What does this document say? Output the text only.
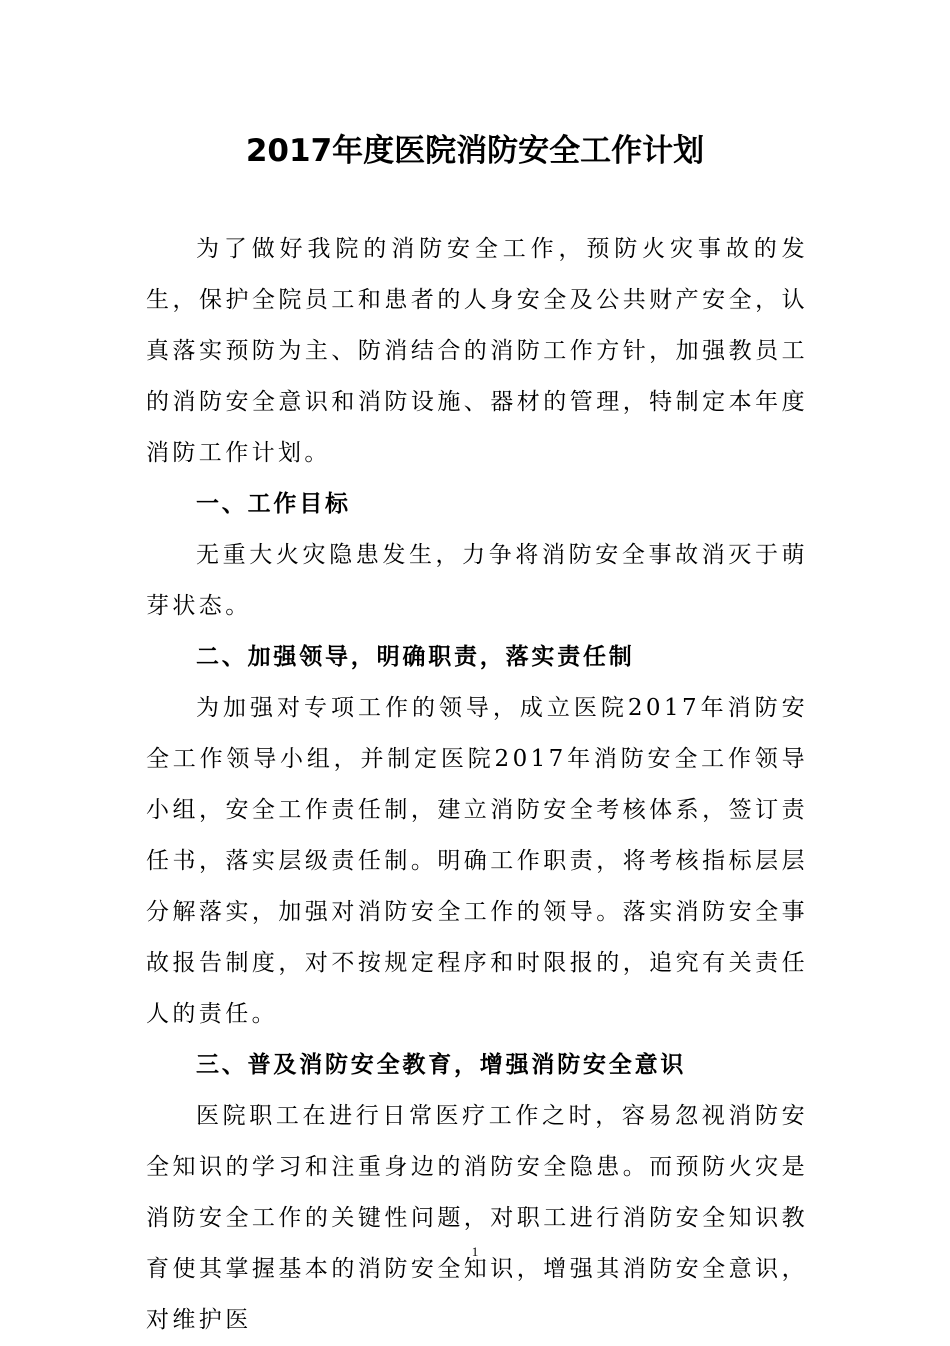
2017年度医院消防安全工作计划

为了做好我院的消防安全工作，预防火灾事故的发生，保护全院员工和患者的人身安全及公共财产安全，认真落实预防为主、防消结合的消防工作方针，加强教员工的消防安全意识和消防设施、器材的管理，特制定本年度消防工作计划。

一、工作目标

无重大火灾隐患发生，力争将消防安全事故消灭于萌芽状态。

二、加强领导，明确职责，落实责任制

为加强对专项工作的领导，成立医院2017年消防安全工作领导小组，并制定医院2017年消防安全工作领导小组，安全工作责任制，建立消防安全考核体系，签订责任书，落实层级责任制。明确工作职责，将考核指标层层分解落实，加强对消防安全工作的领导。落实消防安全事故报告制度，对不按规定程序和时限报的，追究有关责任人的责任。

三、普及消防安全教育，增强消防安全意识

医院职工在进行日常医疗工作之时，容易忽视消防安全知识的学习和注重身边的消防安全隐患。而预防火灾是消防安全工作的关键性问题，对职工进行消防安全知识教育使其掌握基本的消防安全知识，增强其消防安全意识，对维护医

1
